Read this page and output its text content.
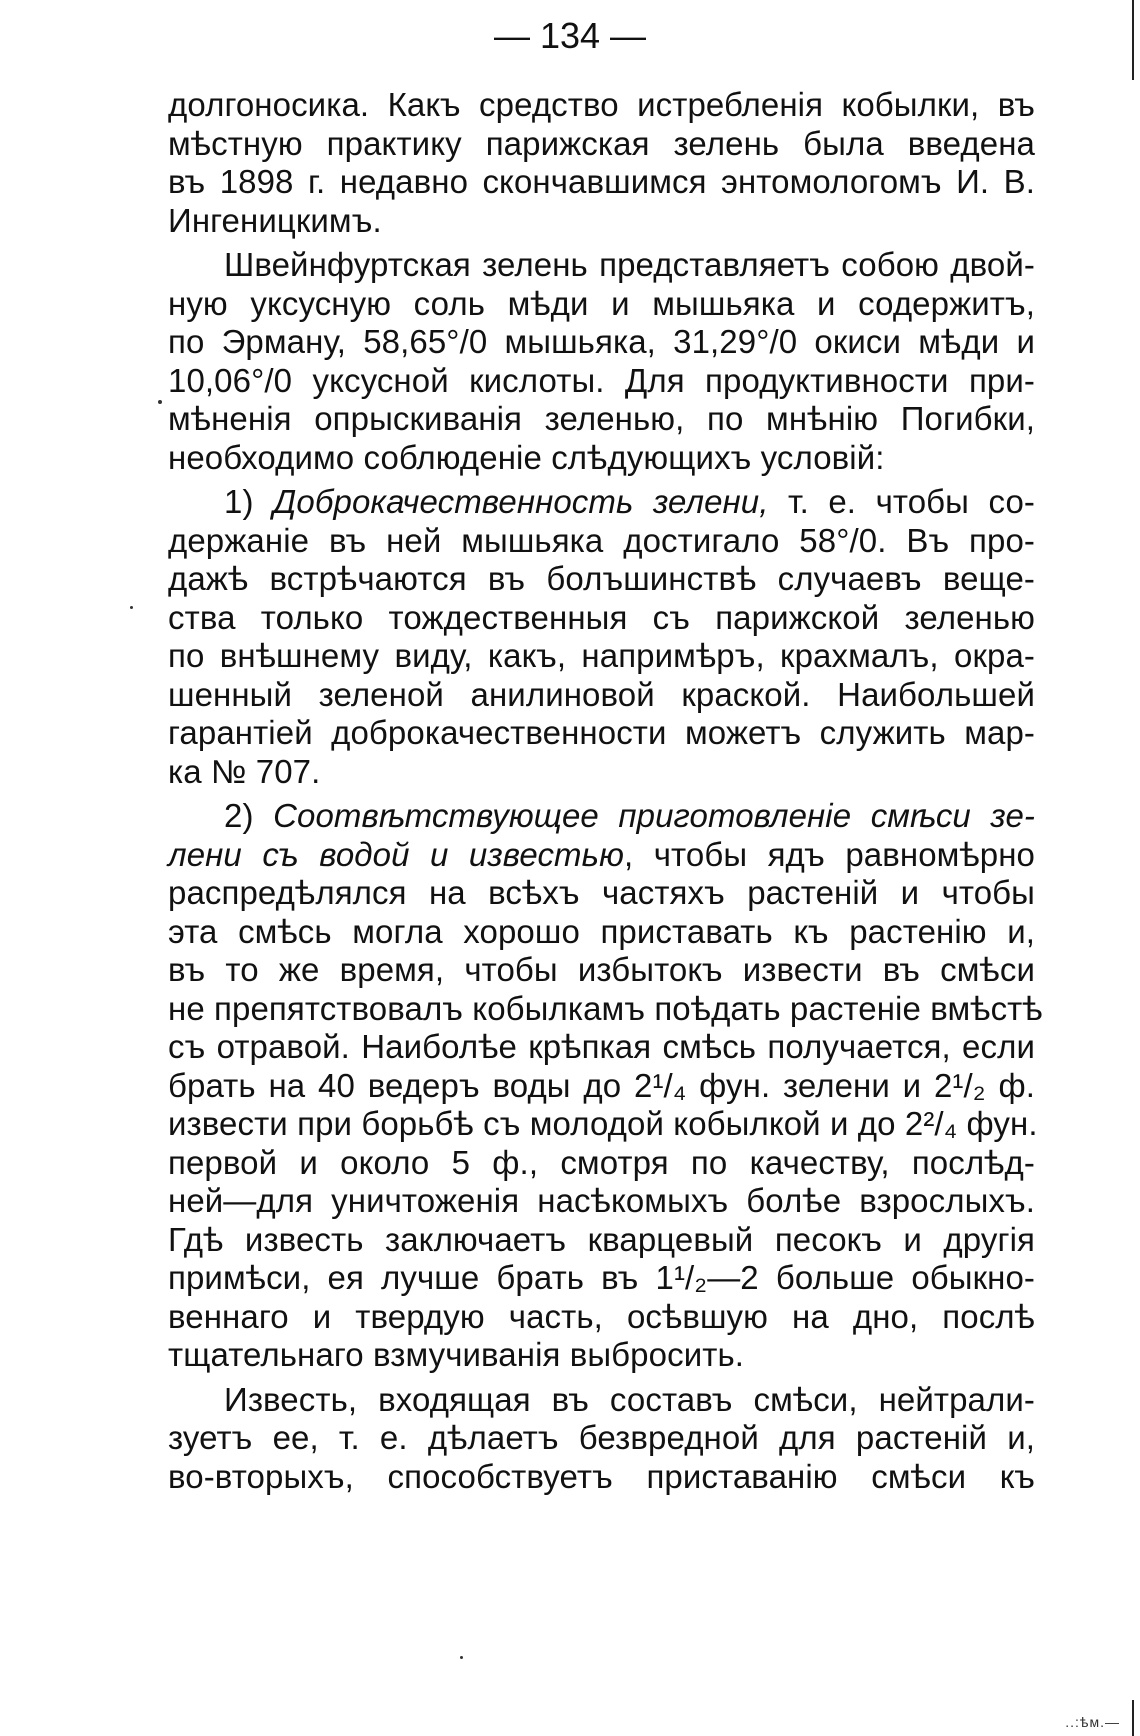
— 134 —
долгоносика. Какъ средство истребленія кобылки, въ
мѣстную практику парижская зелень была введена
въ 1898 г. недавно скончавшимся энтомологомъ И. В.
Ингеницкимъ.
Швейнфуртская зелень представляетъ собою двой-
ную уксусную соль мѣди и мышьяка и содержитъ,
по Эрману, 58,65°/0 мышьяка, 31,29°/0 окиси мѣди и
10,06°/0 уксусной кислоты. Для продуктивности при-
мѣненія опрыскиванія зеленью, по мнѣнію Погибки,
необходимо соблюденіе слѣдующихъ условій:
1) Доброкачественность зелени, т. е. чтобы со-
держаніе въ ней мышьяка достигало 58°/0. Въ про-
дажѣ встрѣчаются въ болъшинствѣ случаевъ веще-
ства только тождественныя съ парижской зеленью
по внѣшнему виду, какъ, напримѣръ, крахмалъ, окра-
шенный зеленой анилиновой краской. Наибольшей
гарантіей доброкачественности можетъ служить мар-
ка № 707.
2) Соотвѣтствующее приготовленіе смѣси зе-
лени съ водой и известью, чтобы ядъ равномѣрно
распредѣлялся на всѣхъ частяхъ растеній и чтобы
эта смѣсь могла хорошо приставать къ растенію и,
въ то же время, чтобы избытокъ извести въ смѣси
не препятствовалъ кобылкамъ поѣдать растеніе вмѣстѣ
съ отравой. Наиболѣе крѣпкая смѣсь получается, если
брать на 40 ведеръ воды до 2¹/₄ фун. зелени и 2¹/₂ ф.
извести при борьбѣ съ молодой кобылкой и до 2²/₄ фун.
первой и около 5 ф., смотря по качеству, послѣд-
ней—для уничтоженія насѣкомыхъ болѣе взрослыхъ.
Гдѣ известь заключаетъ кварцевый песокъ и другія
примѣси, ея лучше брать въ 1¹/₂—2 больше обыкно-
веннаго и твердую часть, осѣвшую на дно, послѣ
тщательнаго взмучиванія выбросить.
Известь, входящая въ составъ смѣси, нейтрали-
зуетъ ее, т. е. дѣлаетъ безвредной для растеній и,
во-вторыхъ, способствуетъ приставанію смѣси къ
..:ѣм.—
